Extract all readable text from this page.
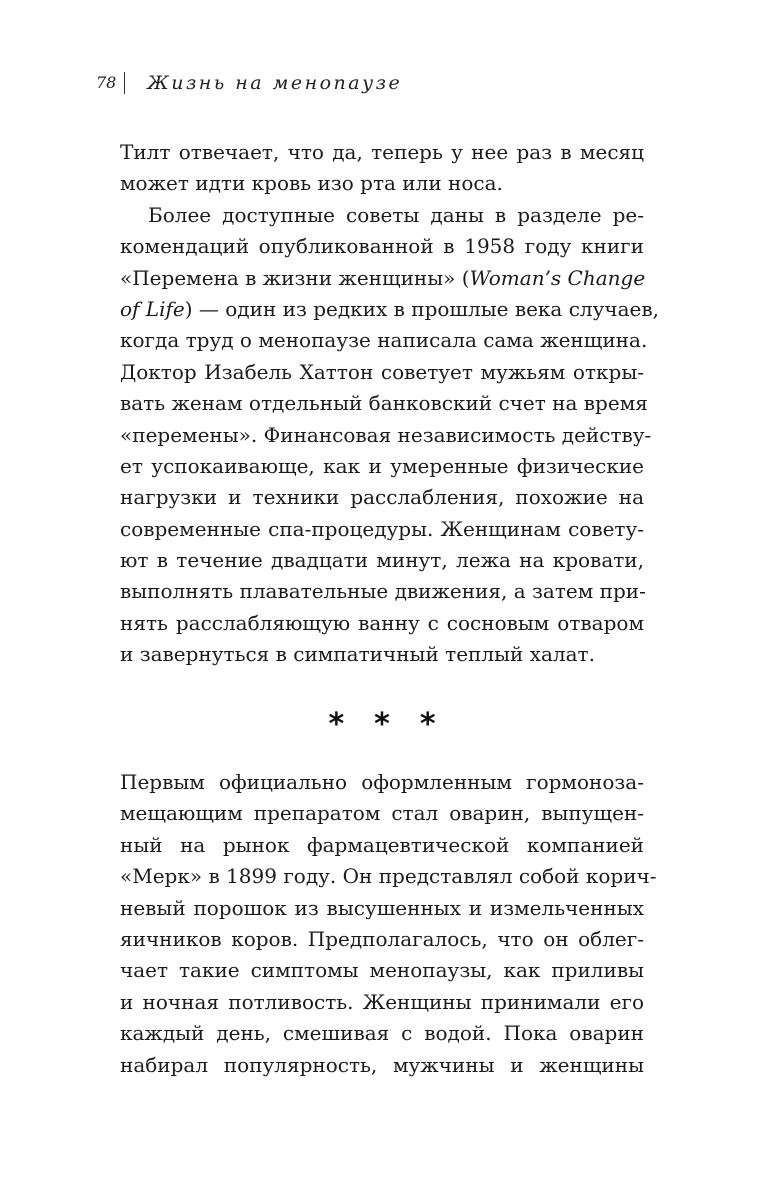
78	Жизнь на менопаузе
Тилт отвечает, что да, теперь у нее раз в месяц
может идти кровь изо рта или носа.
Более доступные советы даны в разделе ре-
комендаций опубликованной в 1958 году книги
«Перемена в жизни женщины» (Woman’s Change
of Life) — один из редких в прошлые века случаев,
когда труд о менопаузе написала сама женщина.
Доктор Изабель Хаттон советует мужьям откры-
вать женам отдельный банковский счет на время
«перемены». Финансовая независимость действу-
ет успокаивающе, как и умеренные физические
нагрузки и техники расслабления, похожие на
современные спа-процедуры. Женщинам совету-
ют в течение двадцати минут, лежа на кровати,
выполнять плавательные движения, а затем при-
нять расслабляющую ванну с сосновым отваром
и завернуться в симпатичный теплый халат.
* * *
Первым официально оформленным гормоноза-
мещающим препаратом стал оварин, выпущен-
ный на рынок фармацевтической компанией
«Мерк» в 1899 году. Он представлял собой корич-
невый порошок из высушенных и измельченных
яичников коров. Предполагалось, что он облег-
чает такие симптомы менопаузы, как приливы
и ночная потливость. Женщины принимали его
каждый день, смешивая с водой. Пока оварин
набирал популярность, мужчины и женщины
